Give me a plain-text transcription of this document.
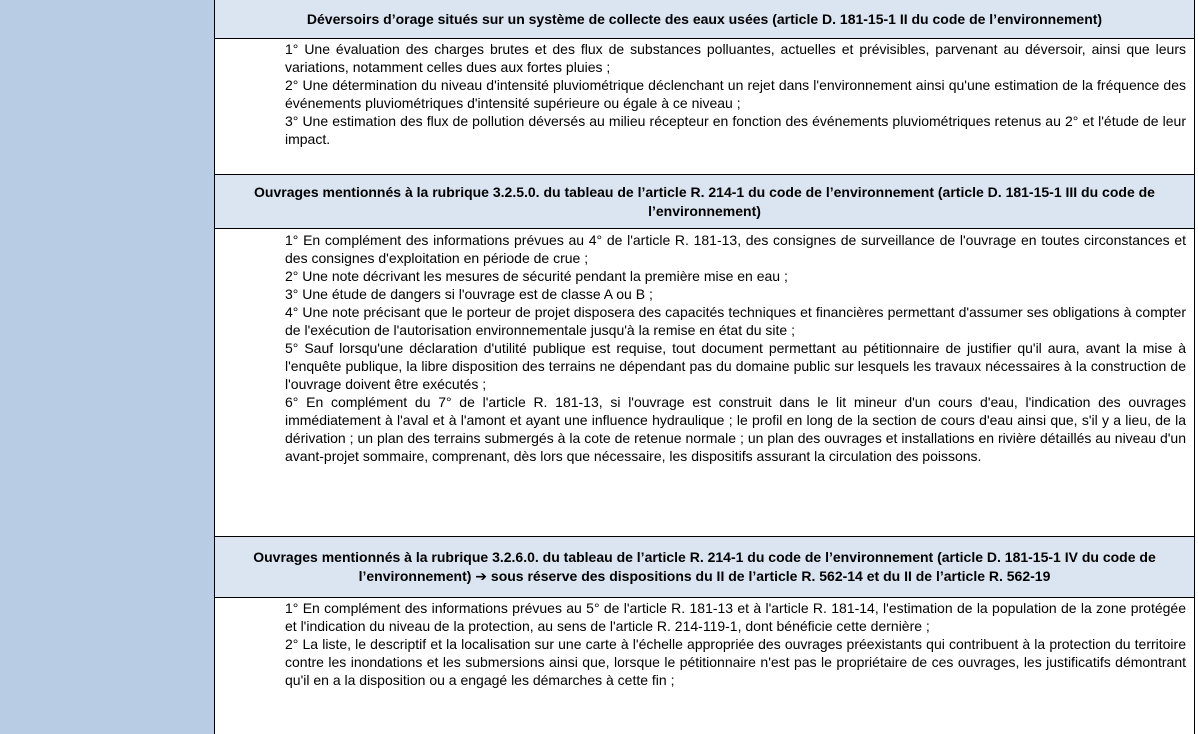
Déversoirs d’orage situés sur un système de collecte des eaux usées (article D. 181-15-1 II du code de l’environnement)

1° Une évaluation des charges brutes et des flux de substances polluantes, actuelles et prévisibles, parvenant au déversoir, ainsi que leurs variations, notamment celles dues aux fortes pluies ;

2° Une détermination du niveau d'intensité pluviométrique déclenchant un rejet dans l'environnement ainsi qu'une estimation de la fréquence des événements pluviométriques d'intensité supérieure ou égale à ce niveau ;

3° Une estimation des flux de pollution déversés au milieu récepteur en fonction des événements pluviométriques retenus au 2° et l'étude de leur impact.

Ouvrages mentionnés à la rubrique 3.2.5.0. du tableau de l’article R. 214-1 du code de l’environnement (article D. 181-15-1 III du code de l’environnement)

1° En complément des informations prévues au 4° de l'article R. 181-13, des consignes de surveillance de l'ouvrage en toutes circonstances et des consignes d'exploitation en période de crue ;

2° Une note décrivant les mesures de sécurité pendant la première mise en eau ;

3° Une étude de dangers si l'ouvrage est de classe A ou B ;

4° Une note précisant que le porteur de projet disposera des capacités techniques et financières permettant d'assumer ses obligations à compter de l'exécution de l'autorisation environnementale jusqu'à la remise en état du site ;

5° Sauf lorsqu'une déclaration d'utilité publique est requise, tout document permettant au pétitionnaire de justifier qu'il aura, avant la mise à l'enquête publique, la libre disposition des terrains ne dépendant pas du domaine public sur lesquels les travaux nécessaires à la construction de l'ouvrage doivent être exécutés ;

6° En complément du 7° de l'article R. 181-13, si l'ouvrage est construit dans le lit mineur d'un cours d'eau, l'indication des ouvrages immédiatement à l'aval et à l'amont et ayant une influence hydraulique ; le profil en long de la section de cours d'eau ainsi que, s'il y a lieu, de la dérivation ; un plan des terrains submergés à la cote de retenue normale ; un plan des ouvrages et installations en rivière détaillés au niveau d'un avant-projet sommaire, comprenant, dès lors que nécessaire, les dispositifs assurant la circulation des poissons.

Ouvrages mentionnés à la rubrique 3.2.6.0. du tableau de l’article R. 214-1 du code de l’environnement (article D. 181-15-1 IV du code de l’environnement) ➔ sous réserve des dispositions du II de l’article R. 562-14 et du II de l’article R. 562-19

1° En complément des informations prévues au 5° de l'article R. 181-13 et à l'article R. 181-14, l'estimation de la population de la zone protégée et l'indication du niveau de la protection, au sens de l'article R. 214-119-1, dont bénéficie cette dernière ;

2° La liste, le descriptif et la localisation sur une carte à l'échelle appropriée des ouvrages préexistants qui contribuent à la protection du territoire contre les inondations et les submersions ainsi que, lorsque le pétitionnaire n'est pas le propriétaire de ces ouvrages, les justificatifs démontrant qu'il en a la disposition ou a engagé les démarches à cette fin ;
